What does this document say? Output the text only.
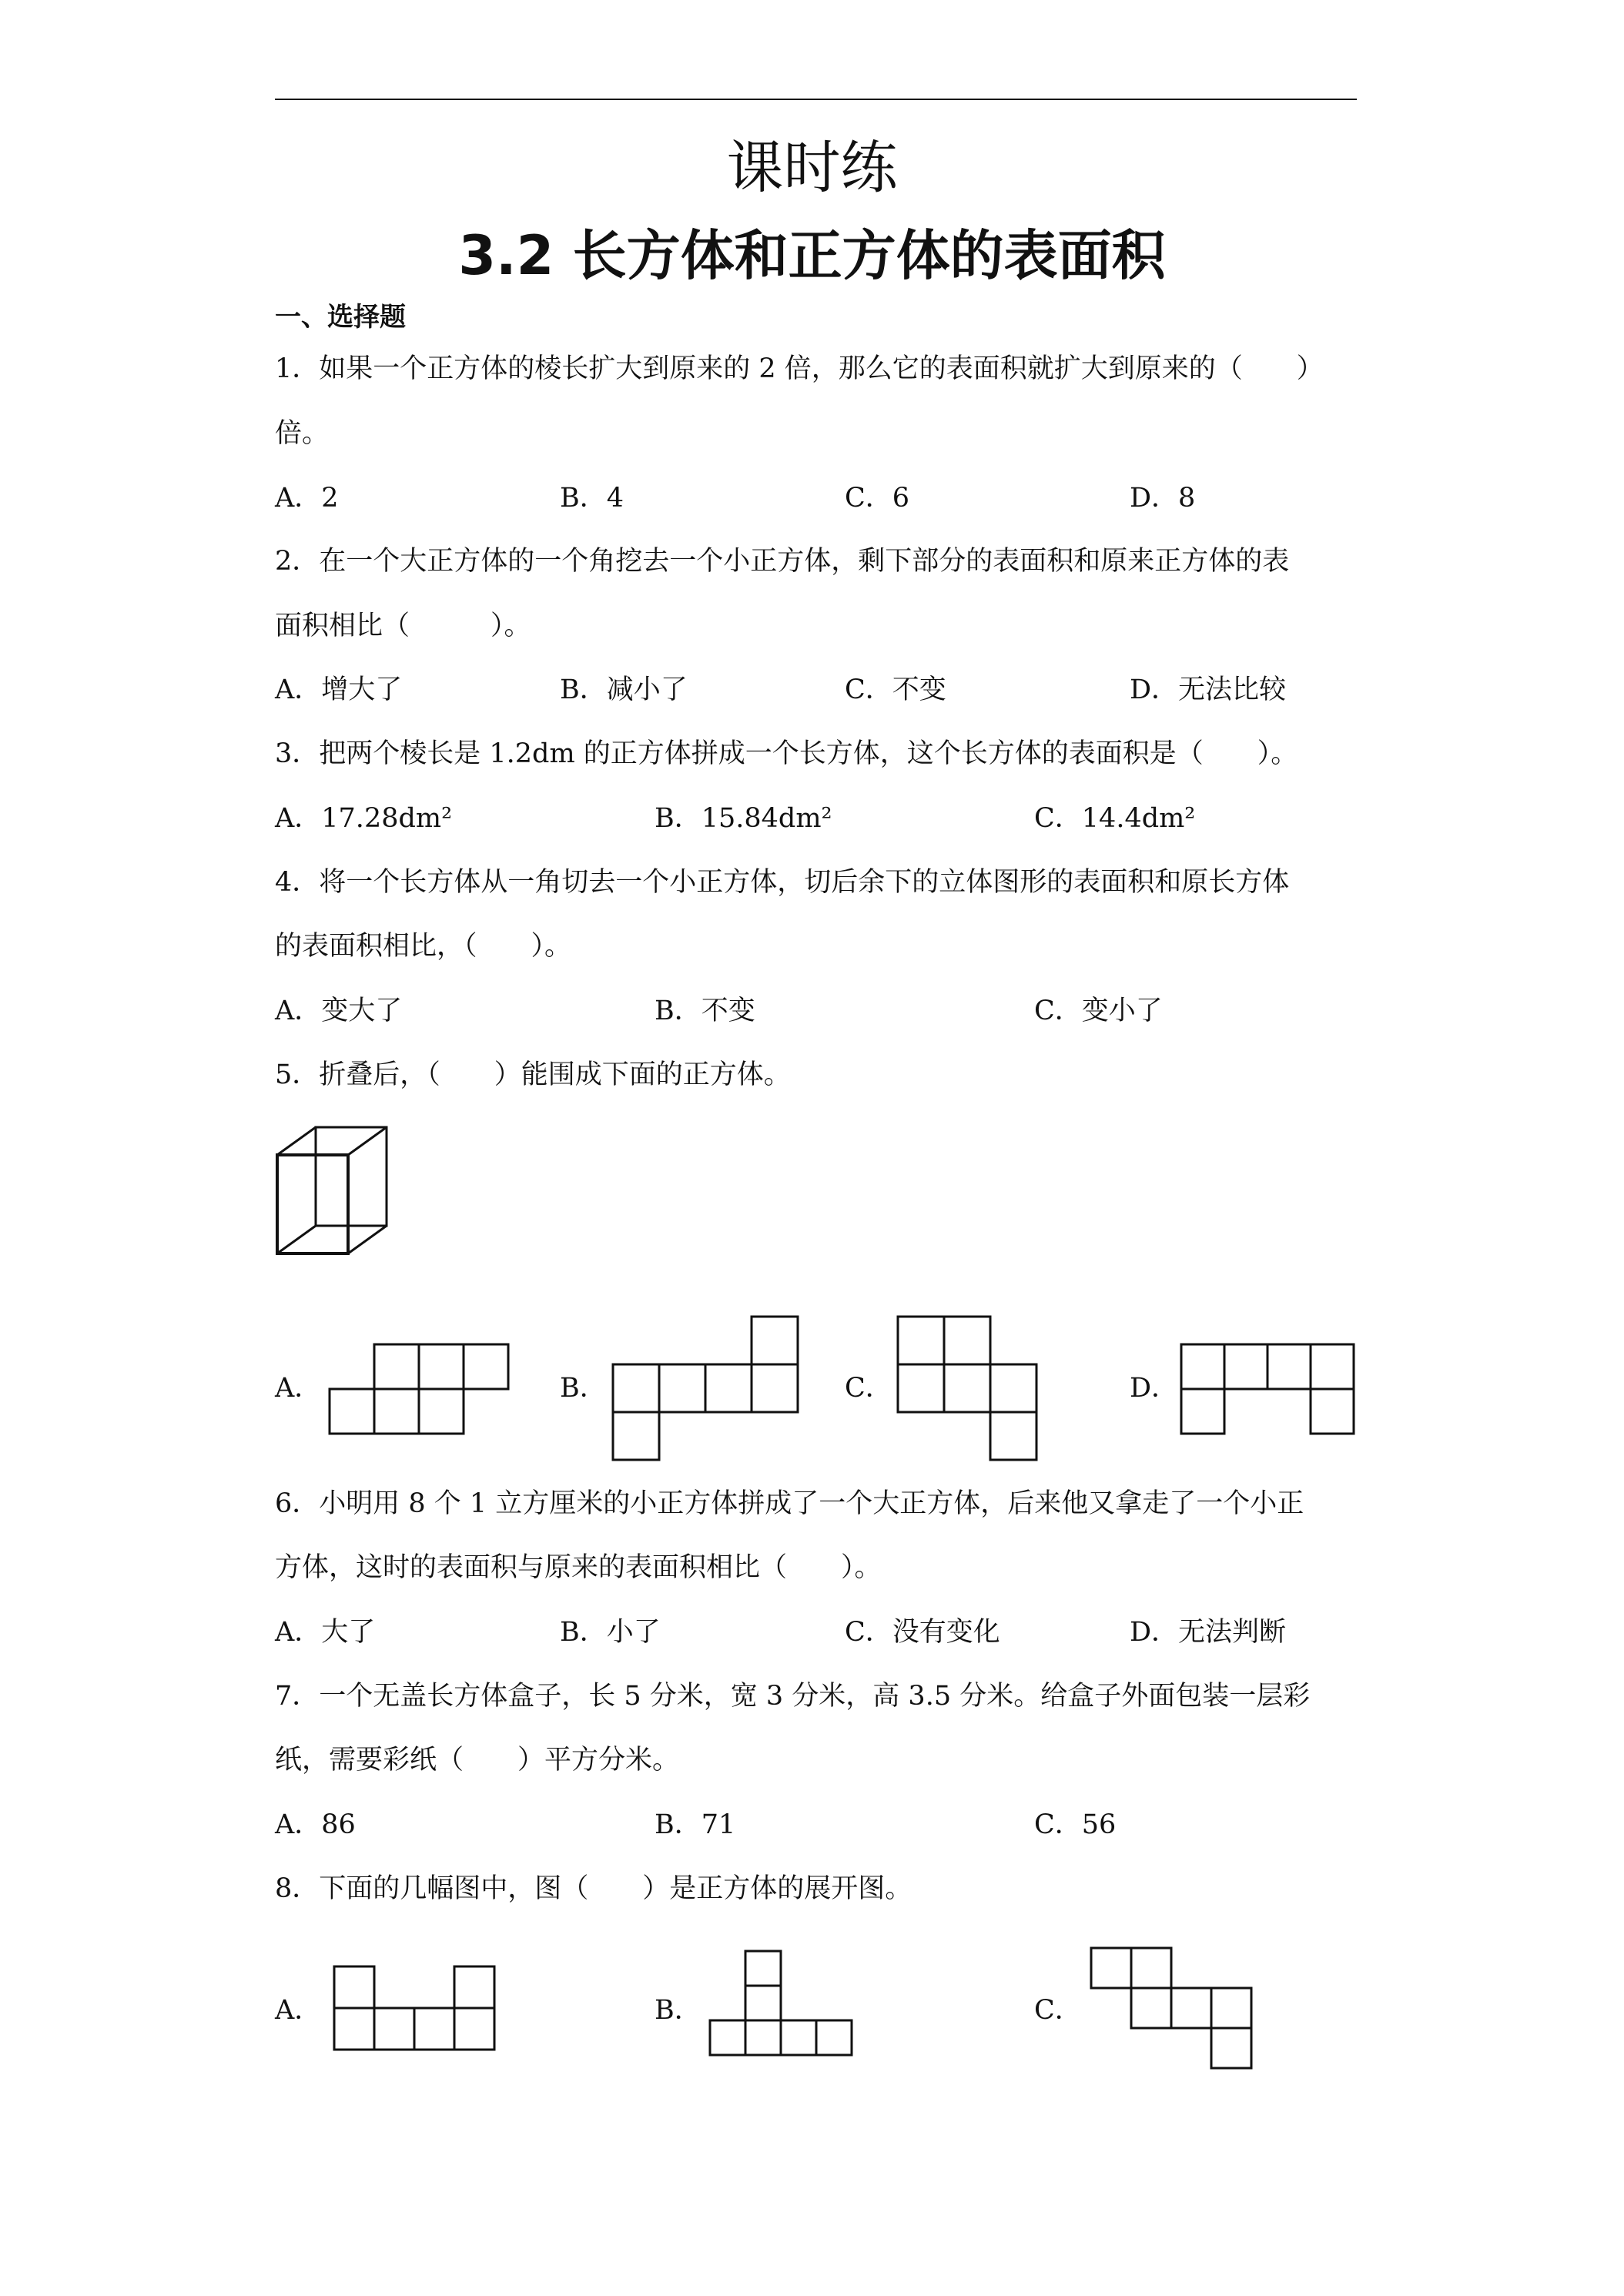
课时练
3.2 长方体和正方体的表面积
一、选择题
1．如果一个正方体的棱长扩大到原来的 2 倍，那么它的表面积就扩大到原来的（　　）
倍。
A．2	B．4	C．6	D．8
2．在一个大正方体的一个角挖去一个小正方体，剩下部分的表面积和原来正方体的表
面积相比（　　　）。
A．增大了	B．减小了	C．不变	D．无法比较
3．把两个棱长是 1.2dm 的正方体拼成一个长方体，这个长方体的表面积是（　　）。
A．17.28dm²	B．15.84dm²	C．14.4dm²
4．将一个长方体从一角切去一个小正方体，切后余下的立体图形的表面积和原长方体
的表面积相比，（　　）。
A．变大了	B．不变	C．变小了
5．折叠后，（　　）能围成下面的正方体。
A．	B．	C．	D．
6．小明用 8 个 1 立方厘米的小正方体拼成了一个大正方体，后来他又拿走了一个小正
方体，这时的表面积与原来的表面积相比（　　）。
A．大了	B．小了	C．没有变化	D．无法判断
7．一个无盖长方体盒子，长 5 分米，宽 3 分米，高 3.5 分米。给盒子外面包装一层彩
纸，需要彩纸（　　）平方分米。
A．86	B．71	C．56
8．下面的几幅图中，图（　　）是正方体的展开图。
A．	B．	C．
